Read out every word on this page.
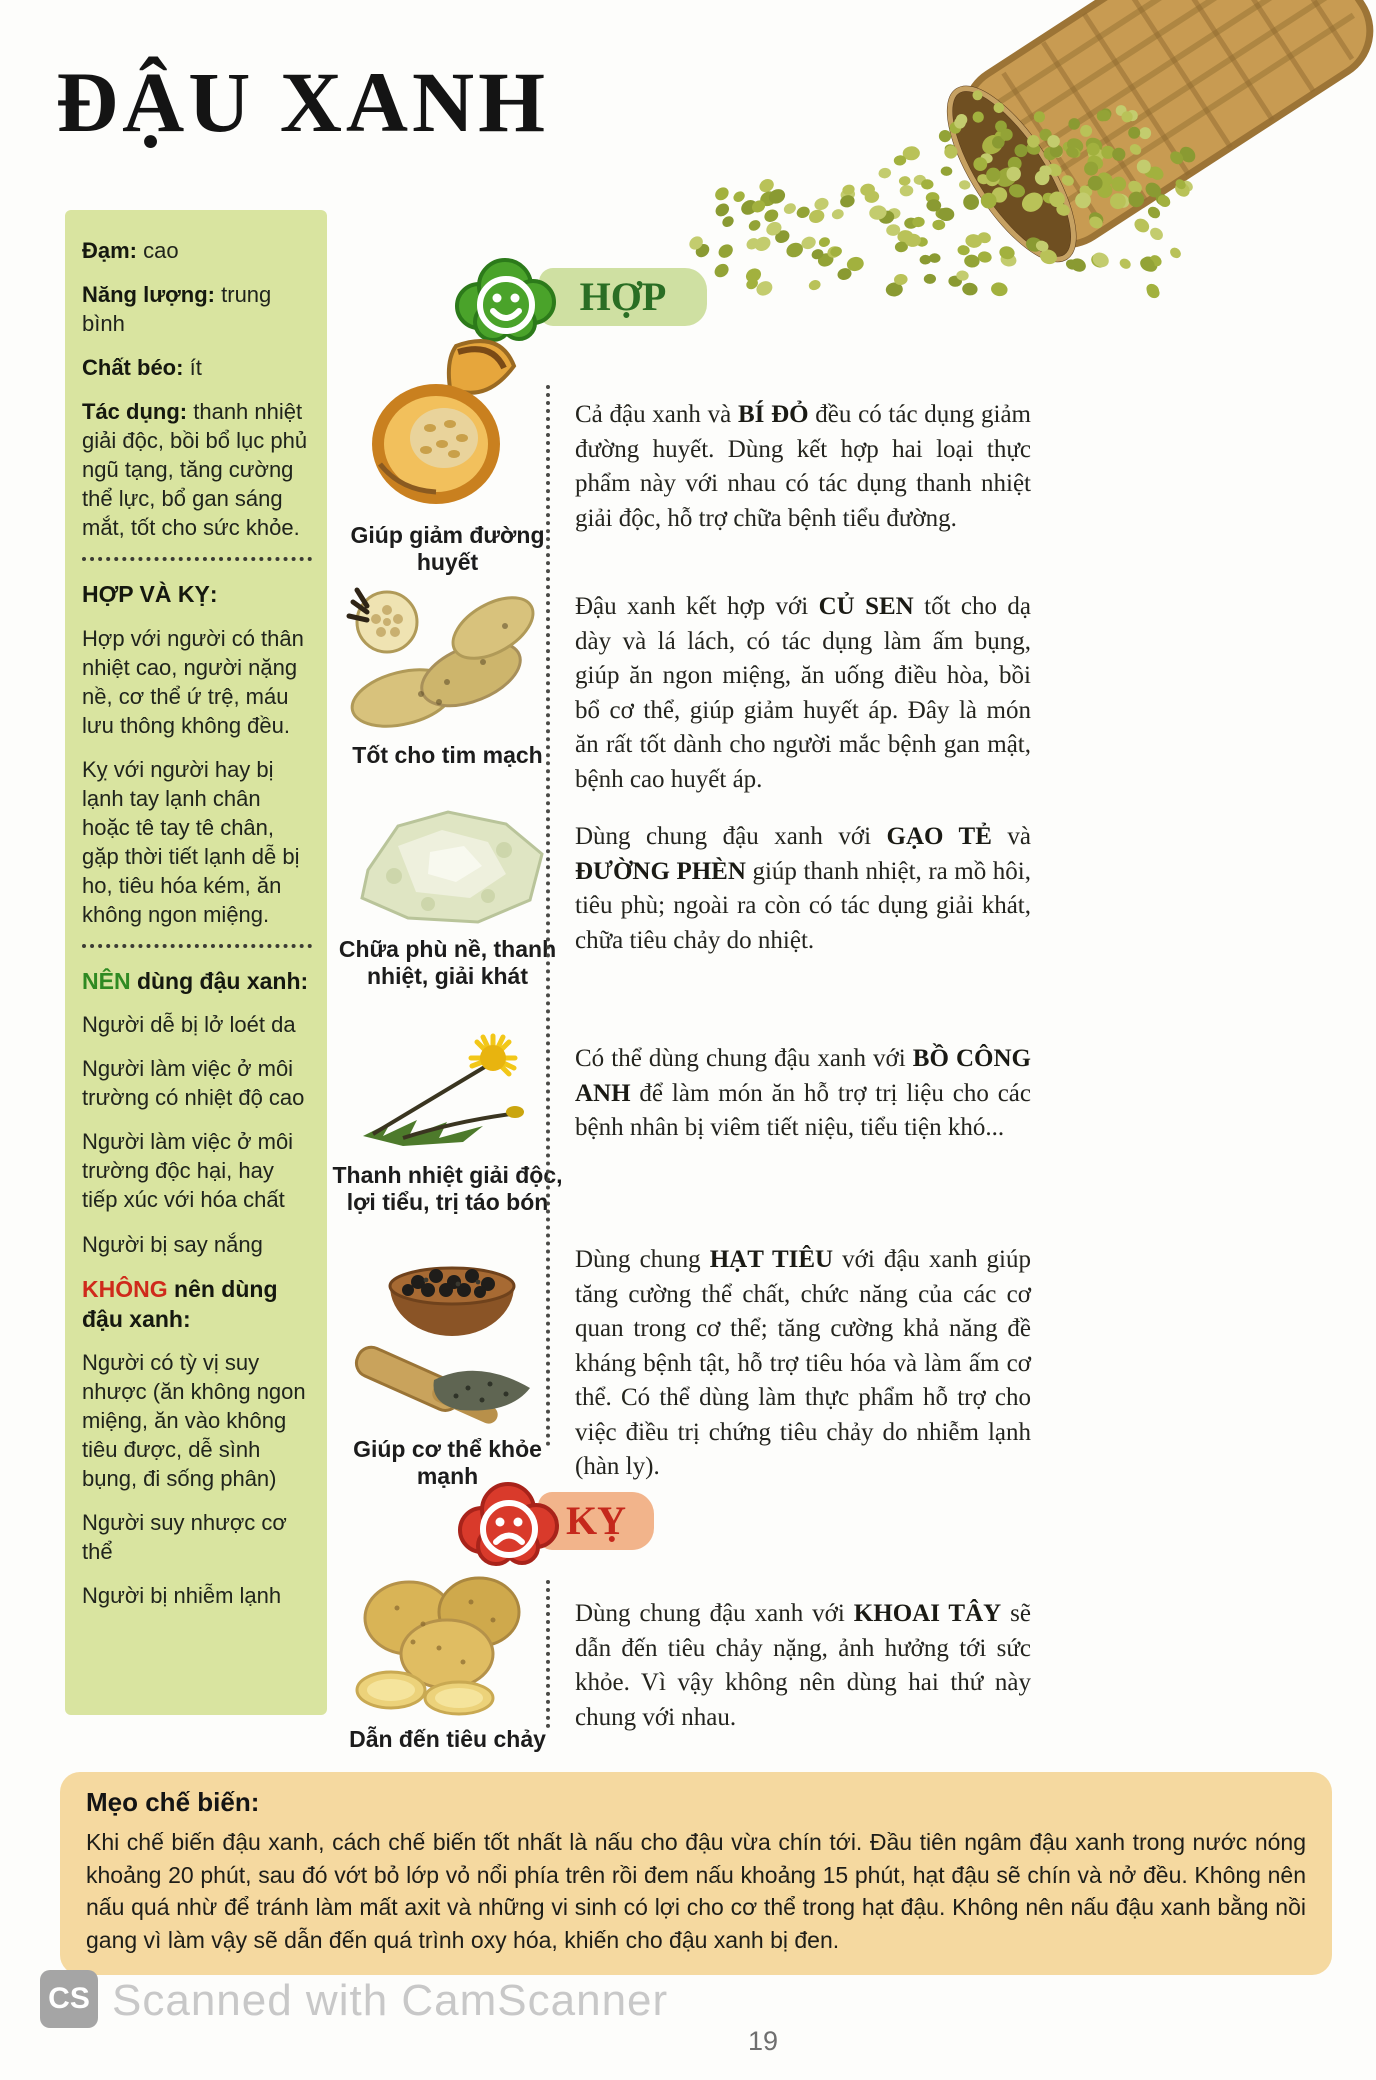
ĐẬU XANH

Đạm: cao

Năng lượng: trung bình

Chất béo: ít

Tác dụng: thanh nhiệt giải độc, bồi bổ lục phủ ngũ tạng, tăng cường thể lực, bổ gan sáng mắt, tốt cho sức khỏe.

HỢP VÀ KỴ:

Hợp với người có thân nhiệt cao, người nặng nề, cơ thể ứ trệ, máu lưu thông không đều.

Kỵ với người hay bị lạnh tay lạnh chân hoặc tê tay tê chân, gặp thời tiết lạnh dễ bị ho, tiêu hóa kém, ăn không ngon miệng.

NÊN dùng đậu xanh:

Người dễ bị lở loét da

Người làm việc ở môi trường có nhiệt độ cao

Người làm việc ở môi trường độc hại, hay tiếp xúc với hóa chất

Người bị say nắng

KHÔNG nên dùng đậu xanh:

Người có tỳ vị suy nhược (ăn không ngon miệng, ăn vào không tiêu được, dễ sình bụng, đi sống phân)

Người suy nhược cơ thể

Người bị nhiễm lạnh

HỢP
KỴ
Giúp giảm đường huyết
Tốt cho tim mạch
Chữa phù nề, thanh nhiệt, giải khát
Thanh nhiệt giải độc, lợi tiểu, trị táo bón
Giúp cơ thể khỏe mạnh
Dẫn đến tiêu chảy

Cả đậu xanh và BÍ ĐỎ đều có tác dụng giảm đường huyết. Dùng kết hợp hai loại thực phẩm này với nhau có tác dụng thanh nhiệt giải độc, hỗ trợ chữa bệnh tiểu đường.

Đậu xanh kết hợp với CỦ SEN tốt cho dạ dày và lá lách, có tác dụng làm ấm bụng, giúp ăn ngon miệng, ăn uống điều hòa, bồi bổ cơ thể, giúp giảm huyết áp. Đây là món ăn rất tốt dành cho người mắc bệnh gan mật, bệnh cao huyết áp.

Dùng chung đậu xanh với GẠO TẺ và ĐƯỜNG PHÈN giúp thanh nhiệt, ra mồ hôi, tiêu phù; ngoài ra còn có tác dụng giải khát, chữa tiêu chảy do nhiệt.

Có thể dùng chung đậu xanh với BỒ CÔNG ANH để làm món ăn hỗ trợ trị liệu cho các bệnh nhân bị viêm tiết niệu, tiểu tiện khó...

Dùng chung HẠT TIÊU với đậu xanh giúp tăng cường thể chất, chức năng của các cơ quan trong cơ thể; tăng cường khả năng đề kháng bệnh tật, hỗ trợ tiêu hóa và làm ấm cơ thể. Có thể dùng làm thực phẩm hỗ trợ cho việc điều trị chứng tiêu chảy do nhiễm lạnh (hàn ly).

Dùng chung đậu xanh với KHOAI TÂY sẽ dẫn đến tiêu chảy nặng, ảnh hưởng tới sức khỏe. Vì vậy không nên dùng hai thứ này chung với nhau.

Mẹo chế biến:

Khi chế biến đậu xanh, cách chế biến tốt nhất là nấu cho đậu vừa chín tới. Đầu tiên ngâm đậu xanh trong nước nóng khoảng 20 phút, sau đó vớt bỏ lớp vỏ nổi phía trên rồi đem nấu khoảng 15 phút, hạt đậu sẽ chín và nở đều. Không nên nấu quá nhừ để tránh làm mất axit và những vi sinh có lợi cho cơ thể trong hạt đậu. Không nên nấu đậu xanh bằng nồi gang vì làm vậy sẽ dẫn đến quá trình oxy hóa, khiến cho đậu xanh bị đen.

CS Scanned with CamScanner
19
